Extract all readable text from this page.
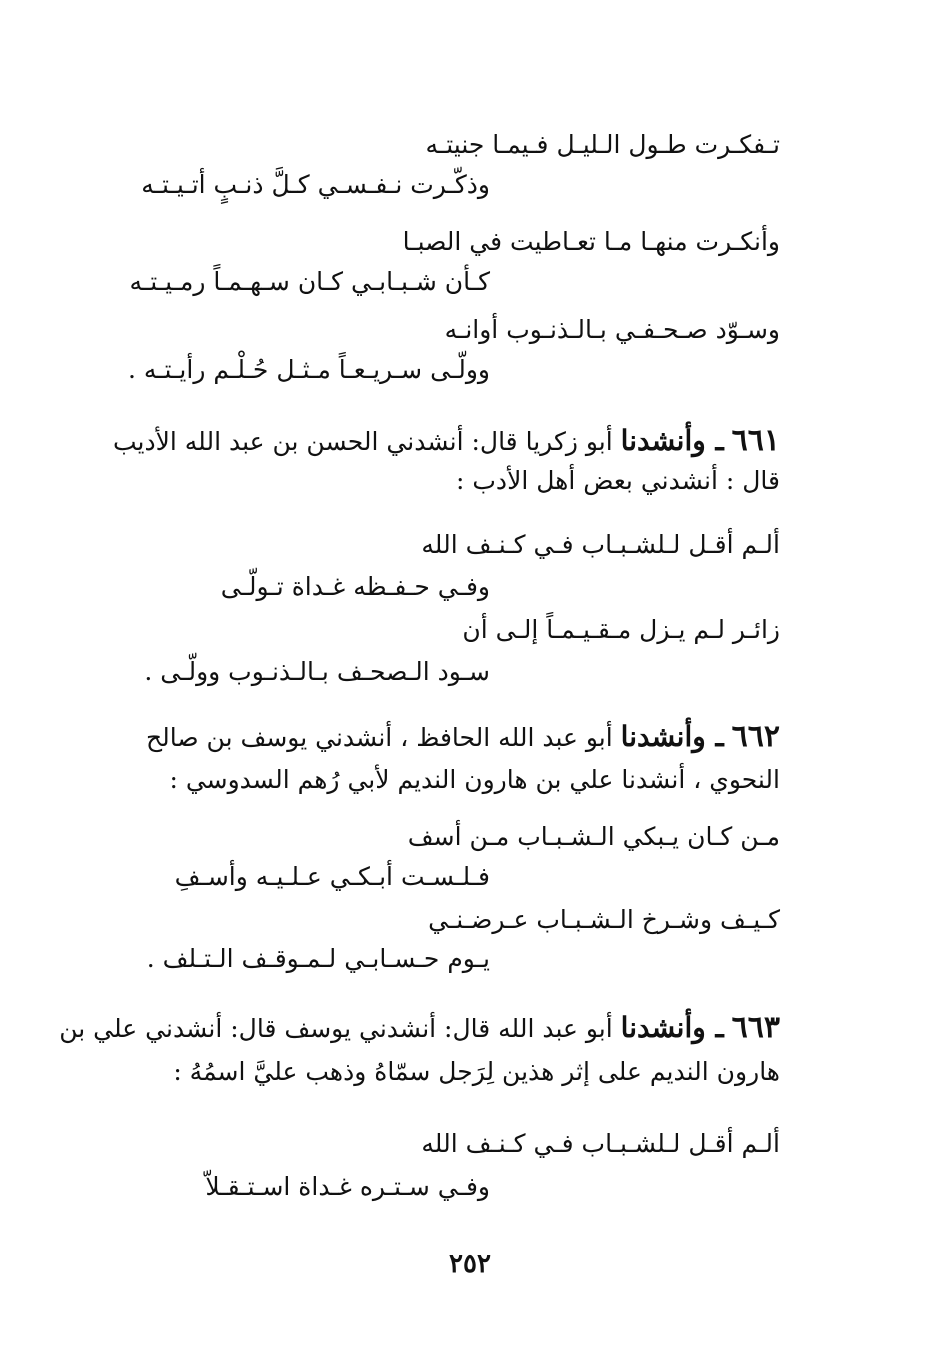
تـفكـرت طـول الـليـل فـيمـا جنيتـه
وذكّـرت نـفـسـي كـلَّ ذنـبٍ أتـيـتـه
وأنكـرت منهـا مـا تعـاطيت في الصبـا
كـأن شـبـابـي كـان سـهـمـاً رمـيـتـه
وسـوّد صـحـفـي بـالـذنـوب أوانـه
وولّـى سـريـعـاً مـثـل حُـلْـم رأيـتـه .
٦٦١ ـ وأنشدنا أبو زكريا قال: أنشدني الحسن بن عبد الله الأديب
قال : أنشدني بعض أهل الأدب :
ألـم أقـل لـلشـبـاب فـي كـنـف الله
وفـي حـفـظه غـداة تـولّـى
زائـر لـم يـزل مـقـيـمـاً إلـى أن
سـود الـصحـف بـالـذنـوب وولّـى .
٦٦٢ ـ وأنشدنا أبو عبد الله الحافظ ، أنشدني يوسف بن صالح
النحوي ، أنشدنا علي بن هارون النديم لأبي رُهم السدوسي :
مـن كـان يـبكي الـشـبـاب مـن أسف
فـلـسـت أبـكـي عـلـيـه وأسـفِ
كـيـف وشـرخ الـشـبـاب عـرضـنـي
يـوم حـسـابـي لـمـوقـف الـتـلف .
٦٦٣ ـ وأنشدنا أبو عبد الله قال: أنشدني يوسف قال: أنشدني علي بن
هارون النديم على إثر هذين لِرَجل سمّاهُ وذهب عليَّ اسمُهُ :
ألـم أقـل لـلشـبـاب فـي كـنـف الله
وفـي سـتـره غـداة اسـتـقـلاّ
٢٥٢
